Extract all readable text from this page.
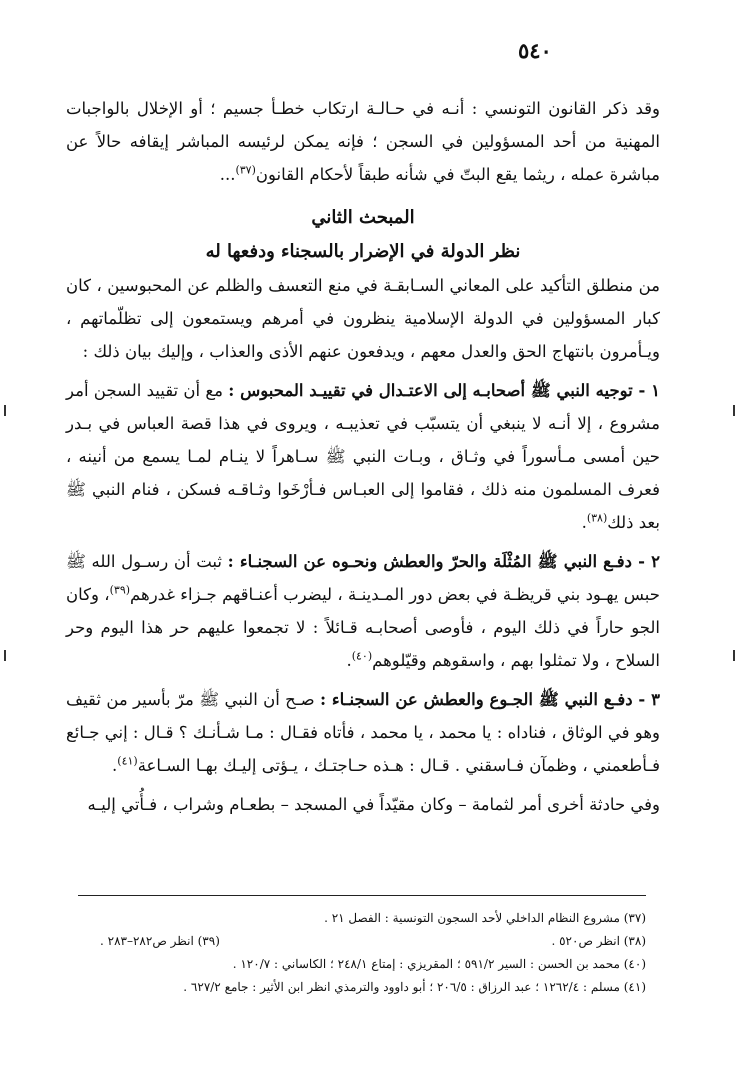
٥٤٠

وقد ذكر القانون التونسي : أنـه في حـالـة ارتكاب خطـأ جسيم ؛ أو الإخلال بالواجبات المهنية من أحد المسؤولين في السجن ؛ فإنه يمكن لرئيسه المباشر إيقافه حالاً عن مباشرة عمله ، ريثما يقع البتّ في شأنه طبقاً لأحكام القانون$^{(٣٧)}$...

المبحث الثاني
نظر الدولة في الإضرار بالسجناء ودفعها له

من منطلق التأكيد على المعاني السـابقـة في منع التعسف والظلم عن المحبوسين ، كان كبار المسؤولين في الدولة الإسلامية ينظرون في أمرهم ويستمعون إلى تظلّماتهم ، ويـأمرون بانتهاج الحق والعدل معهم ، ويدفعون عنهم الأذى والعذاب ، وإليك بيان ذلك :

١ - توجيه النبي ﷺ أصحابـه إلى الاعتـدال في تقييـد المحبوس : مع أن تقييد السجن أمر مشروع ، إلا أنـه لا ينبغي أن يتسبّب في تعذيبـه ، ويروى في هذا قصة العباس في بـدر حين أمسى مـأسوراً في وثـاق ، وبـات النبي ﷺ سـاهراً لا ينـام لمـا يسمع من أنينه ، فعرف المسلمون منه ذلك ، فقاموا إلى العبـاس فـأرْخَوا وثـاقـه فسكن ، فنام النبي ﷺ بعد ذلك$^{(٣٨)}$.

٢ - دفـع النبي ﷺ المُثْلَة والحرّ والعطش ونحـوه عن السجنـاء : ثبت أن رسـول الله ﷺ حبس يهـود بني قريظـة في بعض دور المـدينـة ، ليضرب أعنـاقهم جـزاء غدرهم$^{(٣٩)}$، وكان الجو حاراً في ذلك اليوم ، فأوصى أصحابـه قـائلاً : لا تجمعوا عليهم حر هذا اليوم وحر السلاح ، ولا تمثلوا بهم ، واسقوهم وقيّلوهم$^{(٤٠)}$.

٣ - دفـع النبي ﷺ الجـوع والعطش عن السجنـاء : صـح أن النبي ﷺ مرّ بأسير من ثقيف وهو في الوثاق ، فناداه : يا محمد ، يا محمد ، فأتاه فقـال : مـا شـأنـك ؟ قـال : إني جـائع فـأطعمني ، وظمآن فـاسقني . قـال : هـذه حـاجتـك ، يـؤتى إليـك بهـا السـاعة$^{(٤١)}$.

وفي حادثة أخرى أمر لثمامة – وكان مقيّداً في المسجد – بطعـام وشراب ، فـأُتي إليـه

(٣٧) مشروع النظام الداخلي لأحد السجون التونسية : الفصل ٢١ .
(٣٨) انظر ص٥٢٠ .
(٣٩) انظر ص٢٨٢–٢٨٣ .
(٤٠) محمد بن الحسن : السير ٥٩١/٢ ؛ المقريزي : إمتاع ٢٤٨/١ ؛ الكاساني : ١٢٠/٧ .
(٤١) مسلم : ١٢٦٢/٤ ؛ عبد الرزاق : ٢٠٦/٥ ؛ أبو داوود والترمذي انظر ابن الأثير : جامع ٦٢٧/٢ .
